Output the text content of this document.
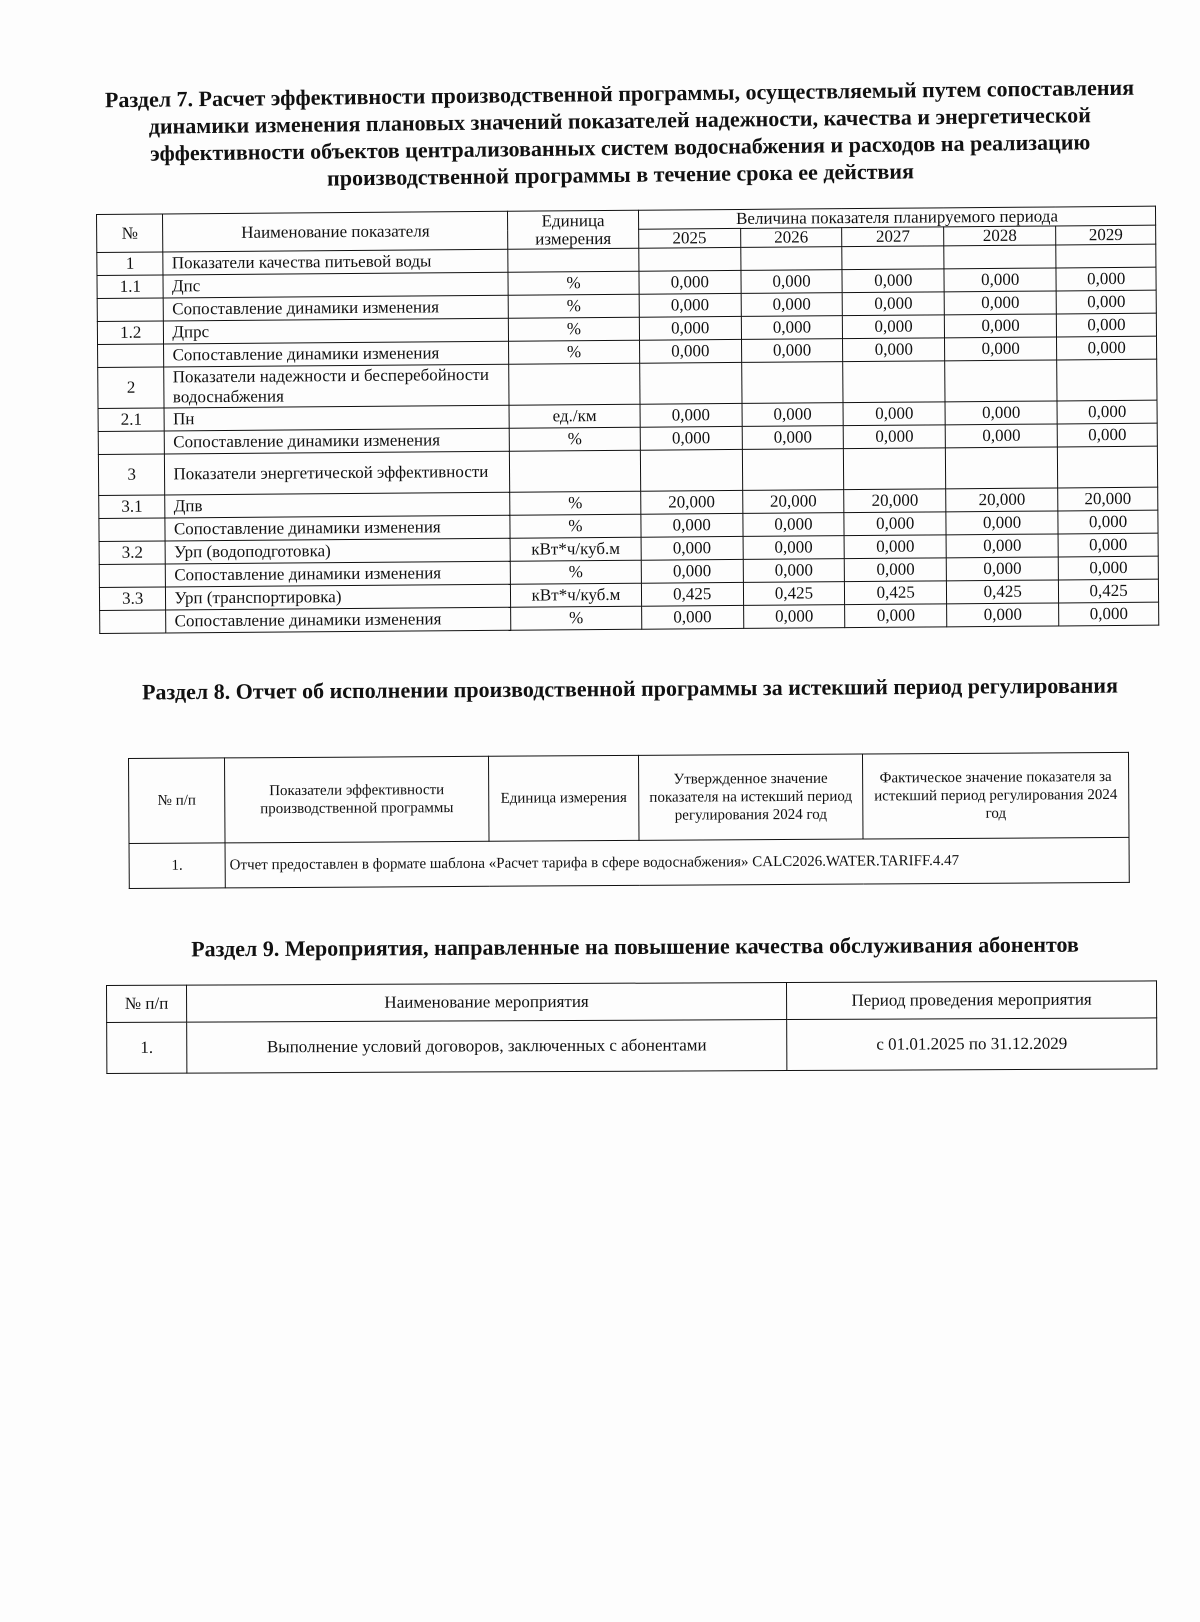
Раздел 7. Расчет эффективности производственной программы, осуществляемый путем сопоставления динамики изменения плановых значений показателей надежности, качества и энергетической эффективности объектов централизованных систем водоснабжения и расходов на реализацию производственной программы в течение срока ее действия
№	Наименование показателя	Единица измерения	Величина показателя планируемого периода				
			2025	2026	2027	2028	2029
1	Показатели качества питьевой воды						
1.1	Дпс	%	0,000	0,000	0,000	0,000	0,000
	Сопоставление динамики изменения	%	0,000	0,000	0,000	0,000	0,000
1.2	Дпрс	%	0,000	0,000	0,000	0,000	0,000
	Сопоставление динамики изменения	%	0,000	0,000	0,000	0,000	0,000
2	Показатели надежности и бесперебойности водоснабжения						
2.1	Пн	ед./км	0,000	0,000	0,000	0,000	0,000
	Сопоставление динамики изменения	%	0,000	0,000	0,000	0,000	0,000
3	Показатели энергетической эффективности						
3.1	Дпв	%	20,000	20,000	20,000	20,000	20,000
	Сопоставление динамики изменения	%	0,000	0,000	0,000	0,000	0,000
3.2	Урп (водоподготовка)	кВт*ч/куб.м	0,000	0,000	0,000	0,000	0,000
	Сопоставление динамики изменения	%	0,000	0,000	0,000	0,000	0,000
3.3	Урп (транспортировка)	кВт*ч/куб.м	0,425	0,425	0,425	0,425	0,425
	Сопоставление динамики изменения	%	0,000	0,000	0,000	0,000	0,000
Раздел 8. Отчет об исполнении производственной программы за истекший период регулирования
№ п/п	Показатели эффективности производственной программы	Единица измерения	Утвержденное значение показателя на истекший период регулирования 2024 год	Фактическое значение показателя за истекший период регулирования 2024 год
1.	Отчет предоставлен в формате шаблона «Расчет тарифа в сфере водоснабжения» CALC2026.WATER.TARIFF.4.47			
Раздел 9. Мероприятия, направленные на повышение качества обслуживания абонентов
№ п/п	Наименование мероприятия	Период проведения мероприятия
1.	Выполнение условий договоров, заключенных с абонентами	с 01.01.2025 по 31.12.2029
